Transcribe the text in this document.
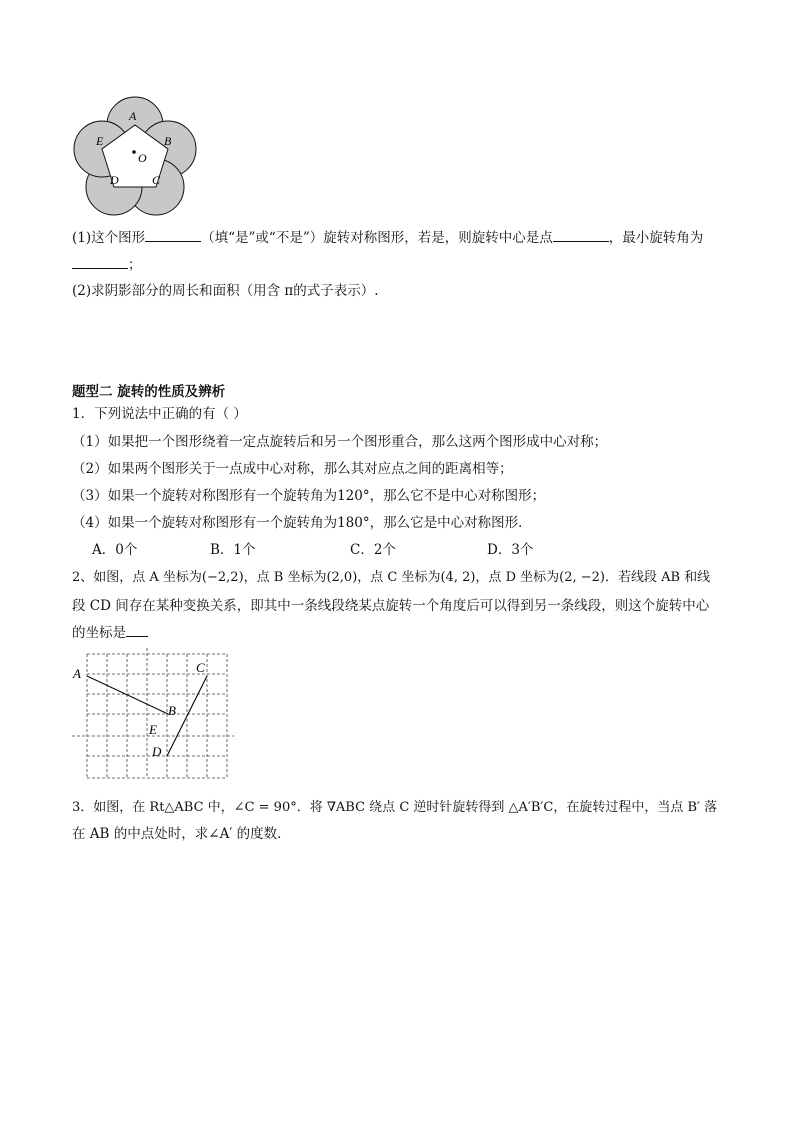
A
B
C
D
E
O
(1)这个图形	（填“是”或“不是”）旋转对称图形，若是，则旋转中心是点	，最小旋转角为
；
(2)求阴影部分的周长和面积（用含 π的式子表示）.
题型二 旋转的性质及辨析
1．下列说法中正确的有（ ）
（1）如果把一个图形绕着一定点旋转后和另一个图形重合，那么这两个图形成中心对称；
（2）如果两个图形关于一点成中心对称，那么其对应点之间的距离相等；
（3）如果一个旋转对称图形有一个旋转角为120°，那么它不是中心对称图形；
（4）如果一个旋转对称图形有一个旋转角为180°，那么它是中心对称图形．
A．0个	B．1个	C．2个	D．3个
2、如图，点 A 坐标为(−2,2)，点 B 坐标为(2,0)，点 C 坐标为(4, 2)，点 D 坐标为(2, −2)．若线段 AB 和线
段 CD 间存在某种变换关系，即其中一条线段绕某点旋转一个角度后可以得到另一条线段，则这个旋转中心
的坐标是
A
B
C
E
D
3．如图，在 Rt△ABC 中，∠C = 90°．将 ∇ABC 绕点 C 逆时针旋转得到 △A′B′C，在旋转过程中，当点 B′ 落
在 AB 的中点处时，求∠A′ 的度数．
